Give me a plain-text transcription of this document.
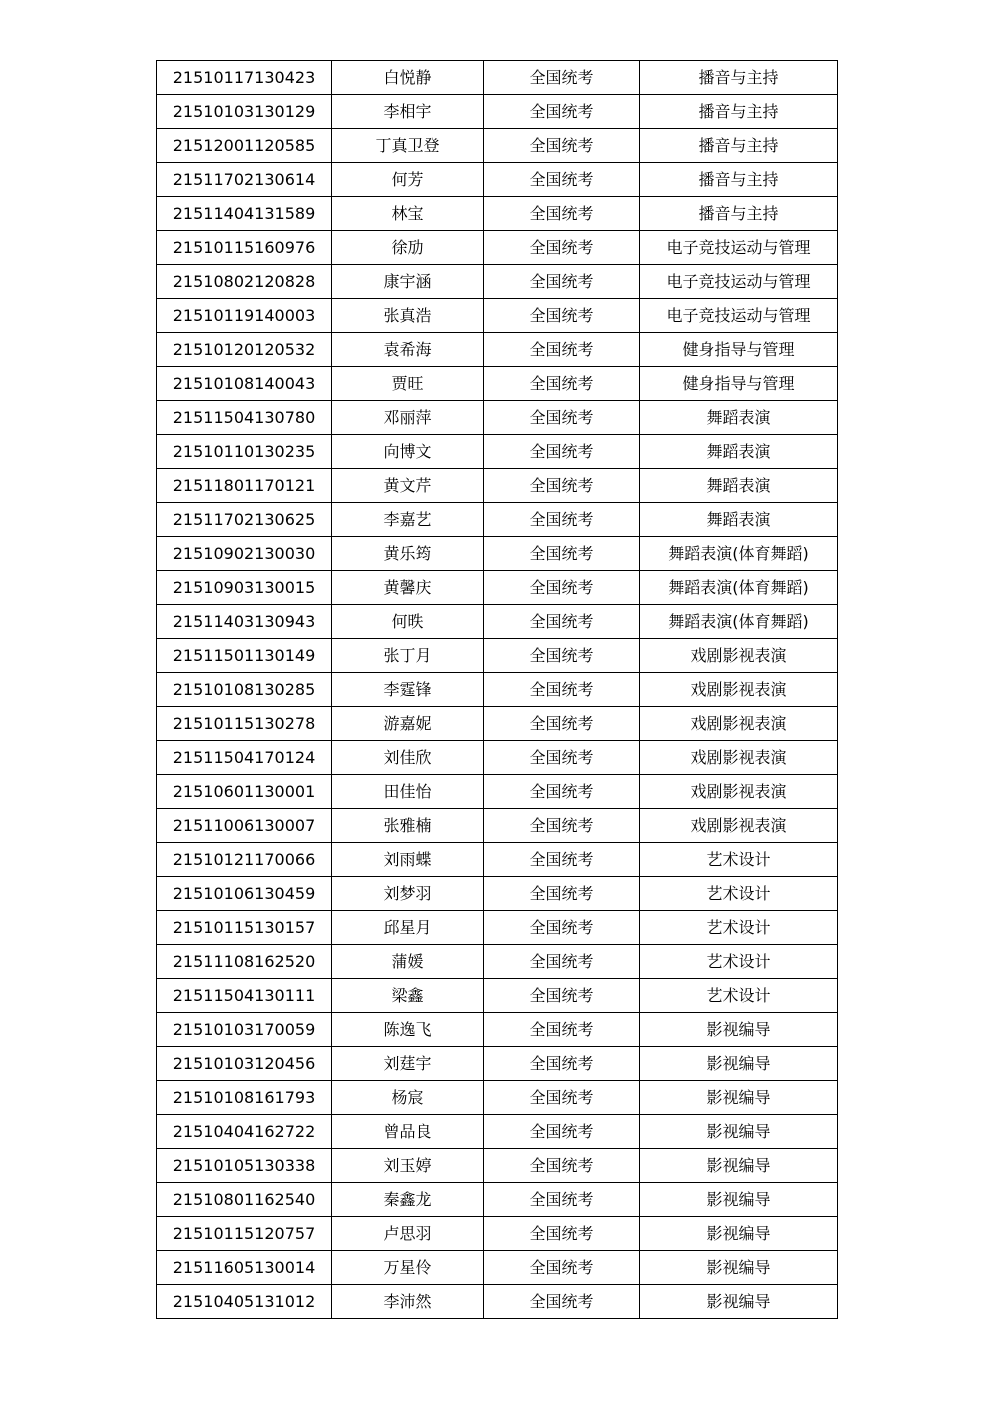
21510117130423	白悦静	全国统考	播音与主持
21510103130129	李相宇	全国统考	播音与主持
21512001120585	丁真卫登	全国统考	播音与主持
21511702130614	何芳	全国统考	播音与主持
21511404131589	林宝	全国统考	播音与主持
21510115160976	徐劢	全国统考	电子竞技运动与管理
21510802120828	康宇涵	全国统考	电子竞技运动与管理
21510119140003	张真浩	全国统考	电子竞技运动与管理
21510120120532	袁希海	全国统考	健身指导与管理
21510108140043	贾旺	全国统考	健身指导与管理
21511504130780	邓丽萍	全国统考	舞蹈表演
21510110130235	向博文	全国统考	舞蹈表演
21511801170121	黄文芹	全国统考	舞蹈表演
21511702130625	李嘉艺	全国统考	舞蹈表演
21510902130030	黄乐筠	全国统考	舞蹈表演(体育舞蹈)
21510903130015	黄馨庆	全国统考	舞蹈表演(体育舞蹈)
21511403130943	何昳	全国统考	舞蹈表演(体育舞蹈)
21511501130149	张丁月	全国统考	戏剧影视表演
21510108130285	李霆锋	全国统考	戏剧影视表演
21510115130278	游嘉妮	全国统考	戏剧影视表演
21511504170124	刘佳欣	全国统考	戏剧影视表演
21510601130001	田佳怡	全国统考	戏剧影视表演
21511006130007	张雅楠	全国统考	戏剧影视表演
21510121170066	刘雨蝶	全国统考	艺术设计
21510106130459	刘梦羽	全国统考	艺术设计
21510115130157	邱星月	全国统考	艺术设计
21511108162520	蒲媛	全国统考	艺术设计
21511504130111	梁鑫	全国统考	艺术设计
21510103170059	陈逸飞	全国统考	影视编导
21510103120456	刘莛宇	全国统考	影视编导
21510108161793	杨宸	全国统考	影视编导
21510404162722	曾品良	全国统考	影视编导
21510105130338	刘玉婷	全国统考	影视编导
21510801162540	秦鑫龙	全国统考	影视编导
21510115120757	卢思羽	全国统考	影视编导
21511605130014	万星伶	全国统考	影视编导
21510405131012	李沛然	全国统考	影视编导
